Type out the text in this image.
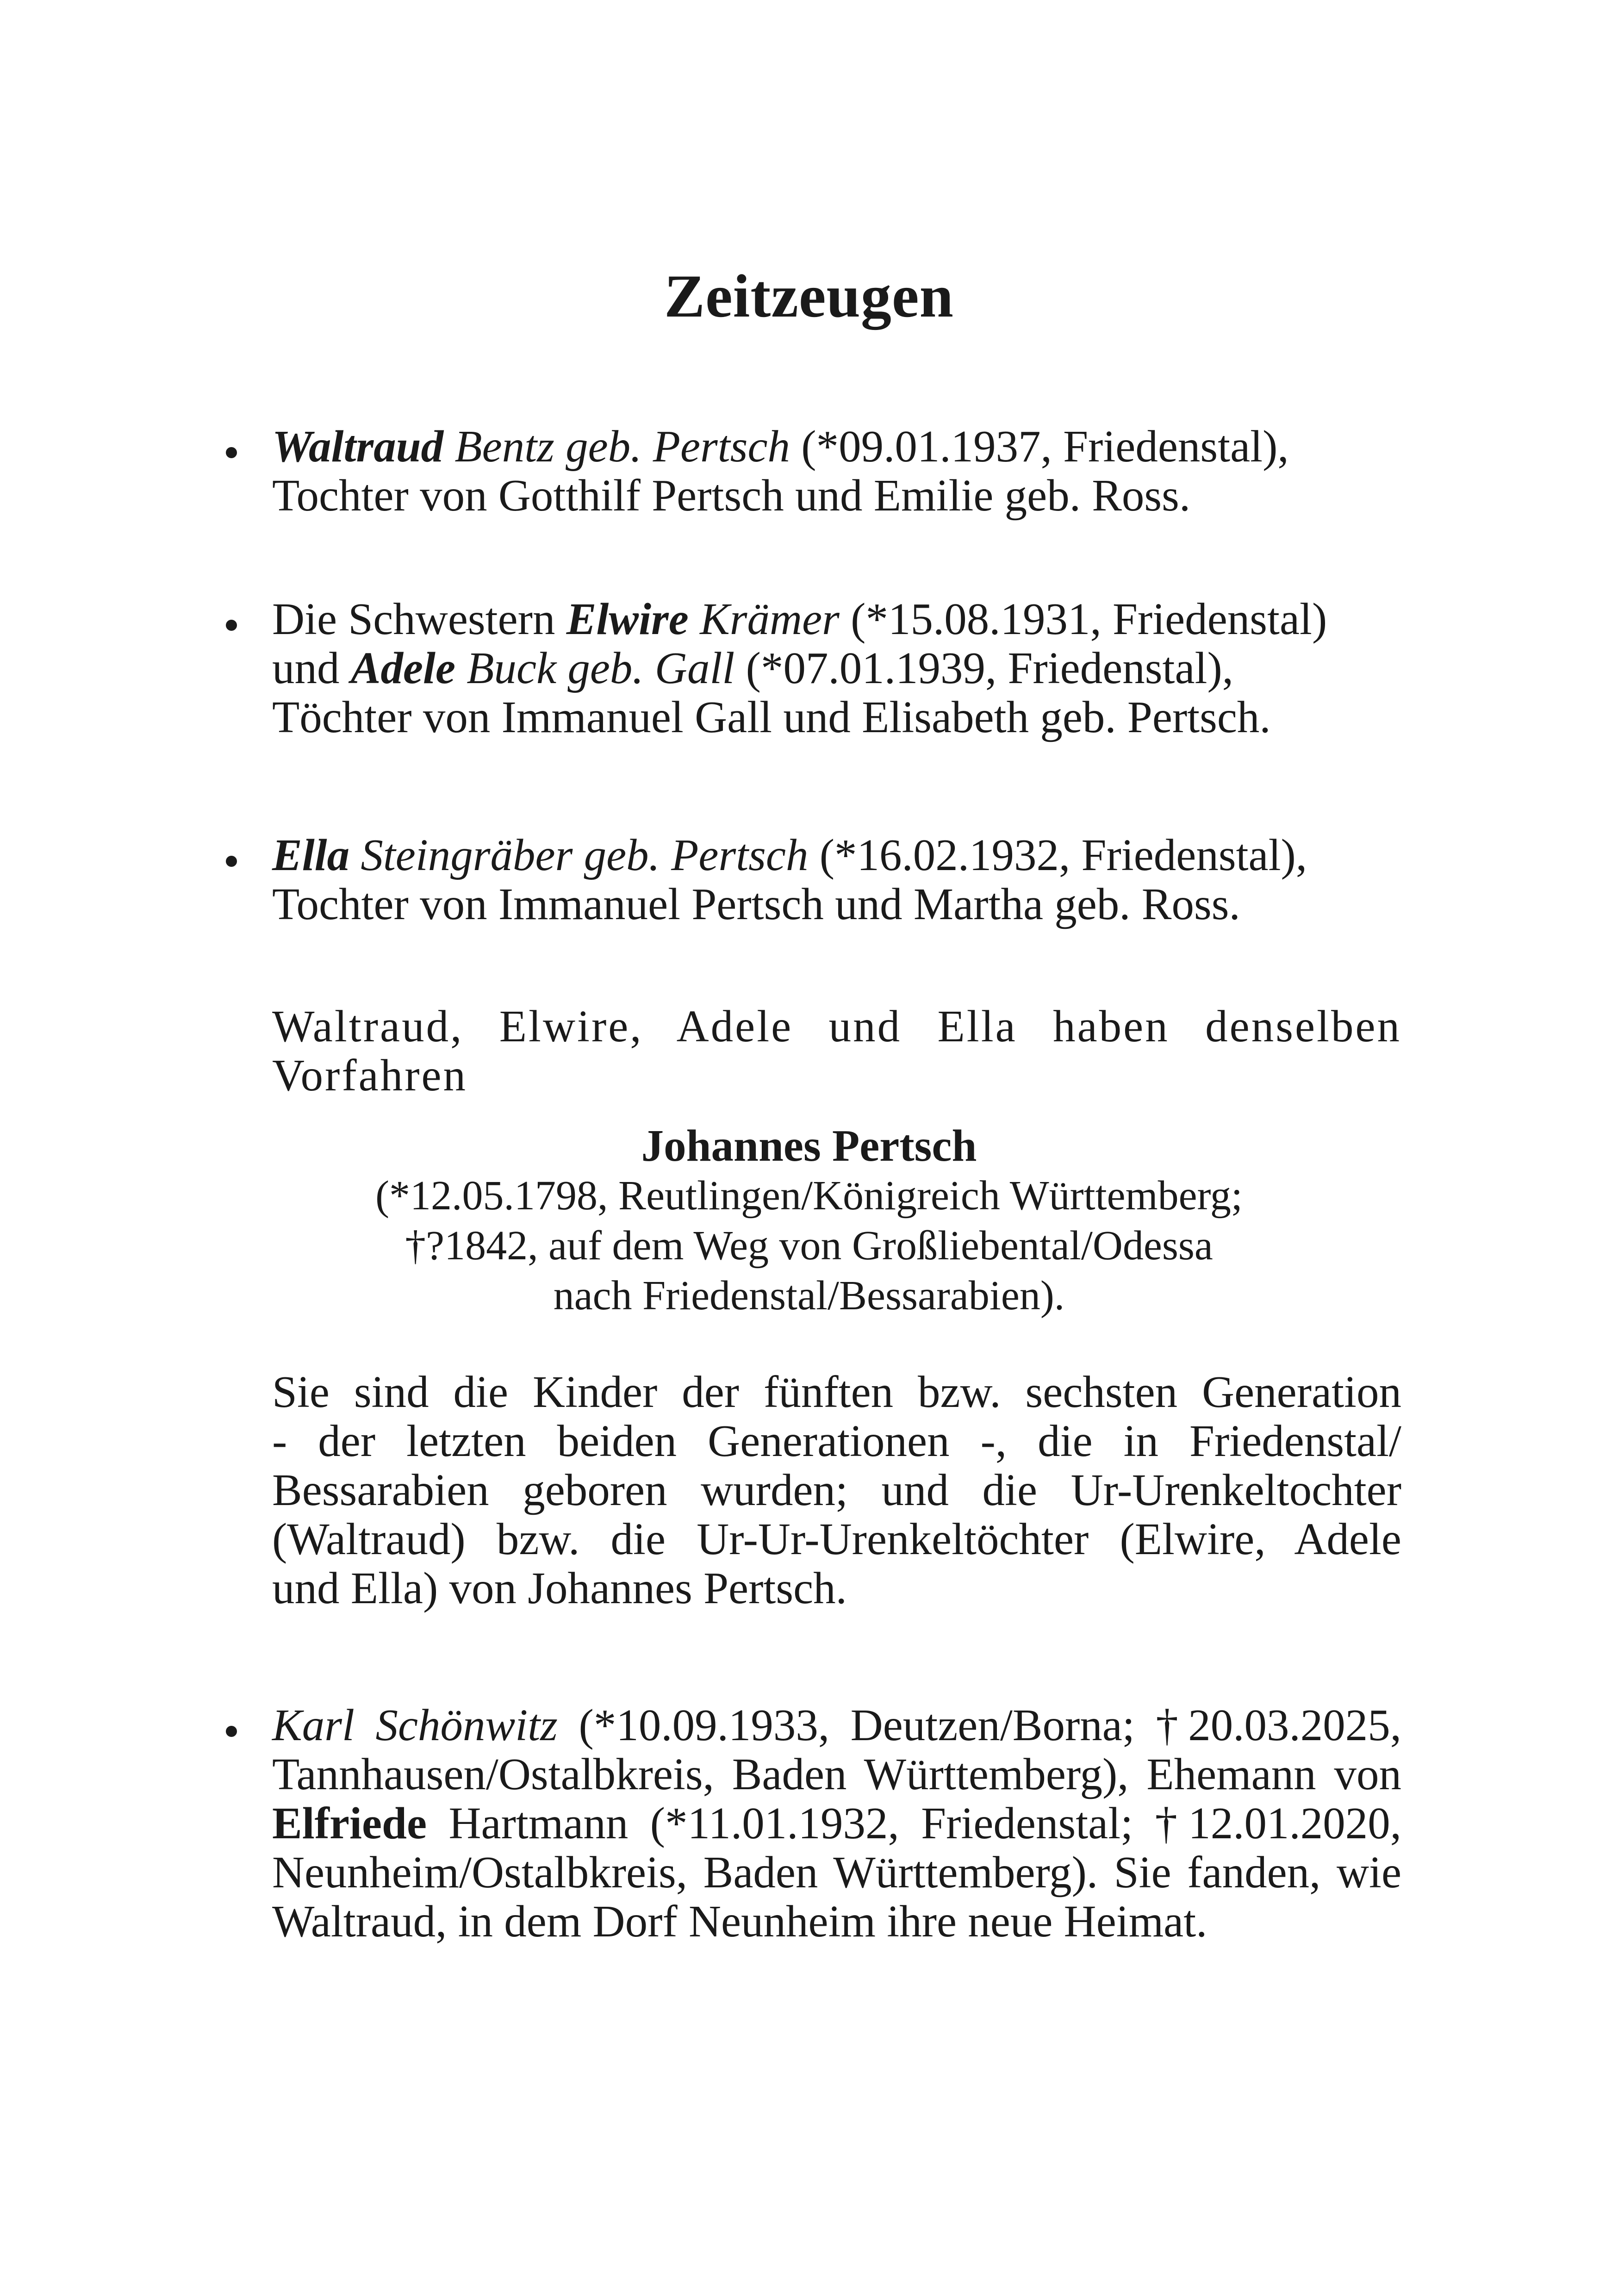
Zeitzeugen
Waltraud Bentz geb. Pertsch (*09.01.1937, Friedenstal),
Tochter von Gotthilf Pertsch und Emilie geb. Ross.
Die Schwestern Elwire Krämer (*15.08.1931, Friedenstal)
und Adele Buck geb. Gall (*07.01.1939, Friedenstal),
Töchter von Immanuel Gall und Elisabeth geb. Pertsch.
Ella Steingräber geb. Pertsch (*16.02.1932, Friedenstal),
Tochter von Immanuel Pertsch und Martha geb. Ross.
Waltraud, Elwire, Adele und Ella haben denselben
Vorfahren
Johannes Pertsch
(*12.05.1798, Reutlingen/Königreich Württemberg;
†?1842, auf dem Weg von Großliebental/Odessa
nach Friedenstal/Bessarabien).
Sie sind die Kinder der fünften bzw. sechsten Generation
- der letzten beiden Generationen -, die in Friedenstal/
Bessarabien geboren wurden; und die Ur-Urenkeltochter
(Waltraud) bzw. die Ur-Ur-Urenkeltöchter (Elwire, Adele
und Ella) von Johannes Pertsch.
Karl Schönwitz (*10.09.1933, Deutzen/Borna; †20.03.2025,
Tannhausen/Ostalbkreis, Baden Württemberg), Ehemann von
Elfriede Hartmann (*11.01.1932, Friedenstal; †12.01.2020,
Neunheim/Ostalbkreis, Baden Württemberg). Sie fanden, wie
Waltraud, in dem Dorf Neunheim ihre neue Heimat.
